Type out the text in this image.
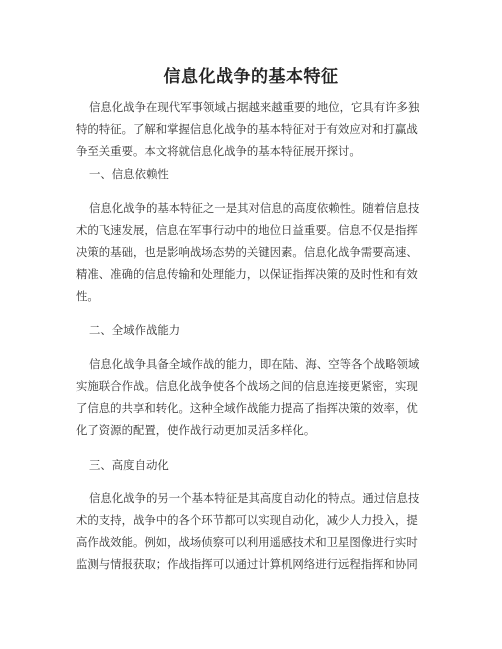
信息化战争的基本特征

信息化战争在现代军事领域占据越来越重要的地位，它具有许多独
特的特征。了解和掌握信息化战争的基本特征对于有效应对和打赢战
争至关重要。本文将就信息化战争的基本特征展开探讨。

一、信息依赖性

信息化战争的基本特征之一是其对信息的高度依赖性。随着信息技
术的飞速发展，信息在军事行动中的地位日益重要。信息不仅是指挥
决策的基础，也是影响战场态势的关键因素。信息化战争需要高速、
精准、准确的信息传输和处理能力，以保证指挥决策的及时性和有效
性。

二、全域作战能力

信息化战争具备全域作战的能力，即在陆、海、空等各个战略领域
实施联合作战。信息化战争使各个战场之间的信息连接更紧密，实现
了信息的共享和转化。这种全域作战能力提高了指挥决策的效率，优
化了资源的配置，使作战行动更加灵活多样化。

三、高度自动化

信息化战争的另一个基本特征是其高度自动化的特点。通过信息技
术的支持，战争中的各个环节都可以实现自动化，减少人力投入，提
高作战效能。例如，战场侦察可以利用遥感技术和卫星图像进行实时
监测与情报获取；作战指挥可以通过计算机网络进行远程指挥和协同
